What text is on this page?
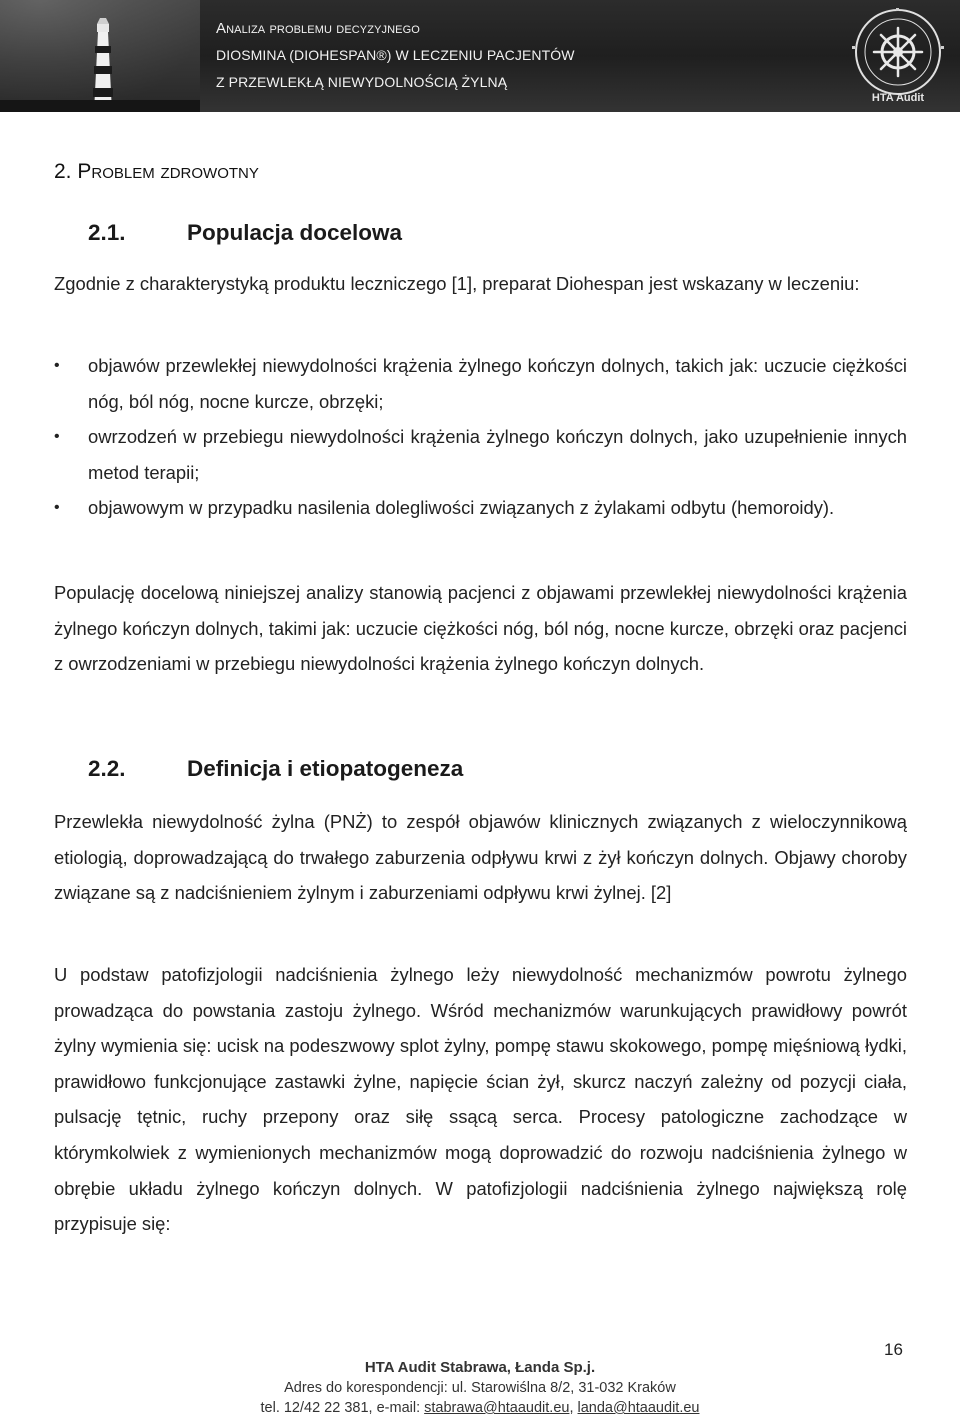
Analiza problemu decyzyjnego
DIOSMINA (DIOHESPAN®) W LECZENIU PACJENTÓW
Z PRZEWLEKŁĄ NIEWYDOLNOŚCIĄ ŻYLNĄ
HTA Audit
2. Problem zdrowotny
2.1.	Populacja docelowa

Zgodnie z charakterystyką produktu leczniczego [1], preparat Diohespan jest wskazany w leczeniu:

• objawów przewlekłej niewydolności krążenia żylnego kończyn dolnych, takich jak: uczucie ciężkości nóg, ból nóg, nocne kurcze, obrzęki;
• owrzodzeń w przebiegu niewydolności krążenia żylnego kończyn dolnych, jako uzupełnienie innych metod terapii;
• objawowym w przypadku nasilenia dolegliwości związanych z żylakami odbytu (hemoroidy).

Populację docelową niniejszej analizy stanowią pacjenci z objawami przewlekłej niewydolności krążenia żylnego kończyn dolnych, takimi jak: uczucie ciężkości nóg, ból nóg, nocne kurcze, obrzęki oraz pacjenci z owrzodzeniami w przebiegu niewydolności krążenia żylnego kończyn dolnych.

2.2.	Definicja i etiopatogeneza

Przewlekła niewydolność żylna (PNŻ) to zespół objawów klinicznych związanych z wieloczynnikową etiologią, doprowadzającą do trwałego zaburzenia odpływu krwi z żył kończyn dolnych. Objawy choroby związane są z nadciśnieniem żylnym i zaburzeniami odpływu krwi żylnej. [2]

U podstaw patofizjologii nadciśnienia żylnego leży niewydolność mechanizmów powrotu żylnego prowadząca do powstania zastoju żylnego. Wśród mechanizmów warunkujących prawidłowy powrót żylny wymienia się: ucisk na podeszwowy splot żylny, pompę stawu skokowego, pompę mięśniową łydki, prawidłowo funkcjonujące zastawki żylne, napięcie ścian żył, skurcz naczyń zależny od pozycji ciała, pulsację tętnic, ruchy przepony oraz siłę ssącą serca. Procesy patologiczne zachodzące w którymkolwiek z wymienionych mechanizmów mogą doprowadzić do rozwoju nadciśnienia żylnego w obrębie układu żylnego kończyn dolnych. W patofizjologii nadciśnienia żylnego największą rolę przypisuje się:

16
HTA Audit Stabrawa, Łanda Sp.j.
Adres do korespondencji: ul. Starowiślna 8/2, 31-032 Kraków
tel. 12/42 22 381, e-mail: stabrawa@htaaudit.eu, landa@htaaudit.eu
